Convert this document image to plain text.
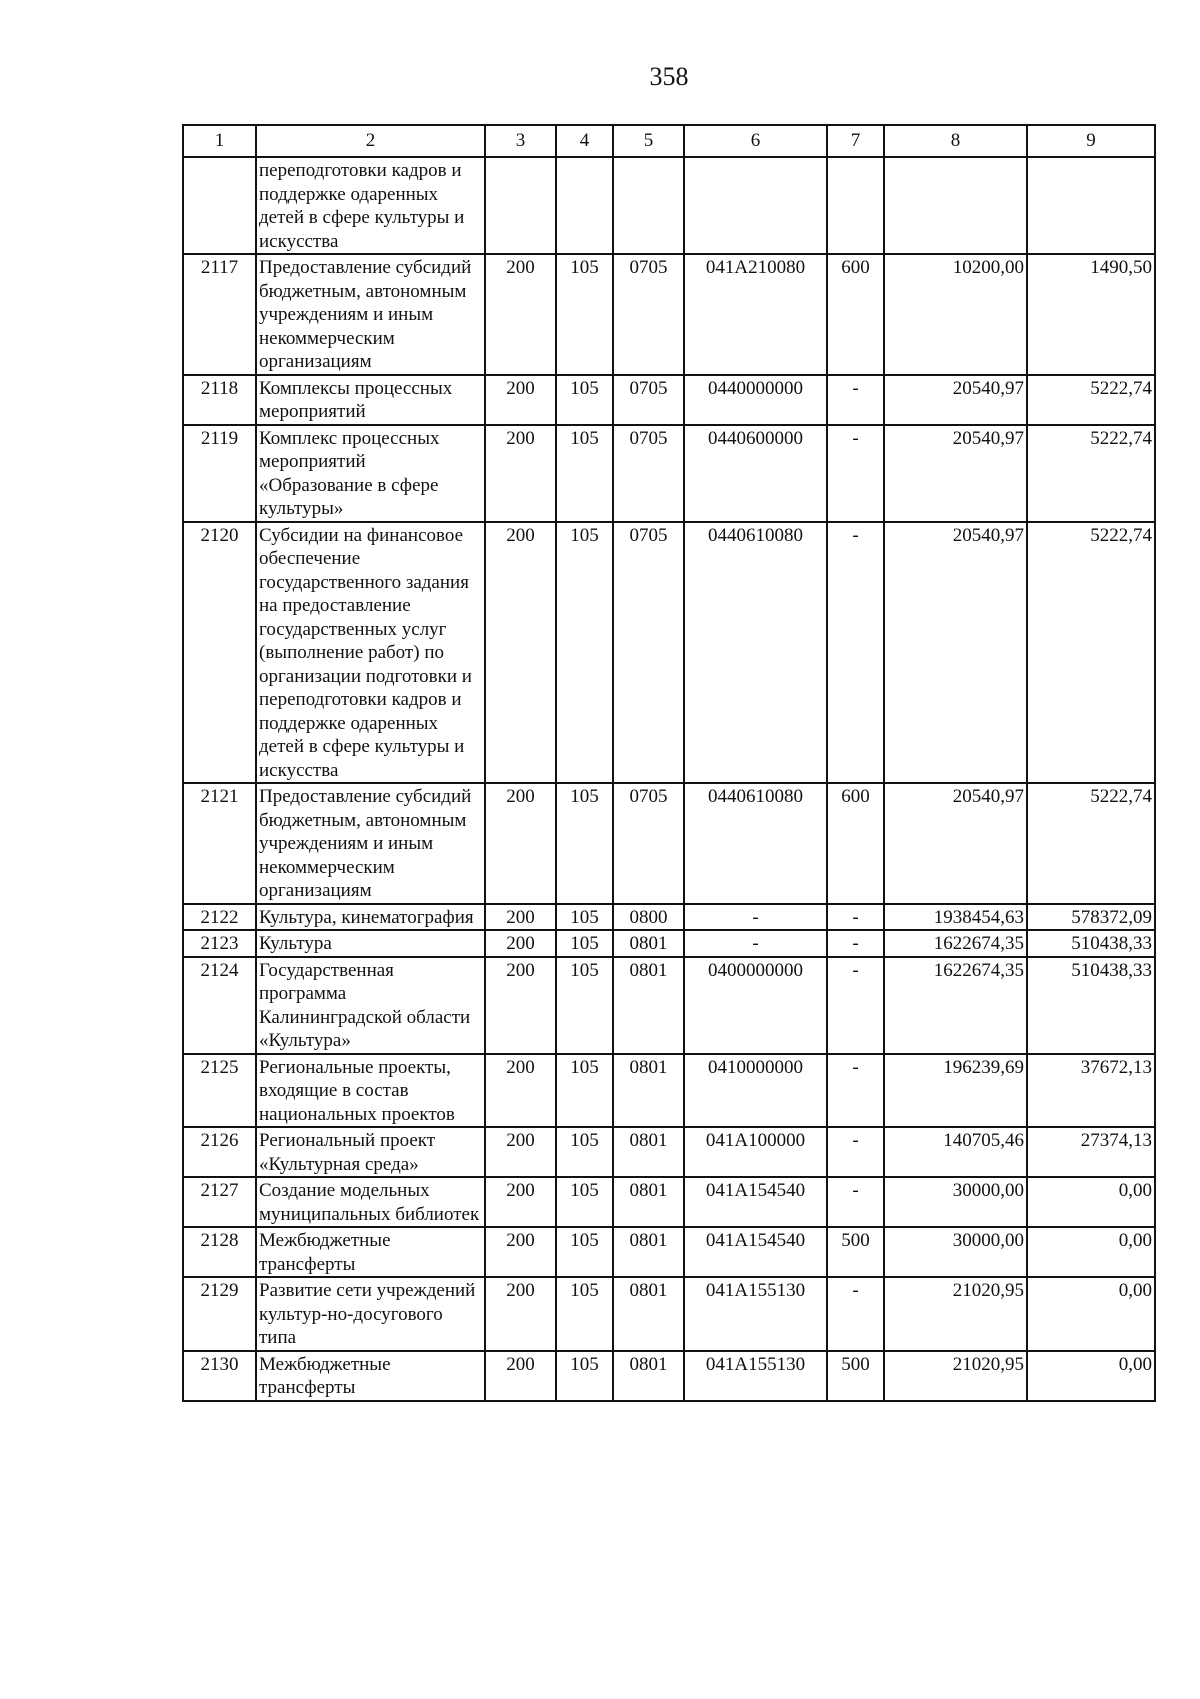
358
1	2	3	4	5	6	7	8	9
	переподготовки кадров и поддержке одаренных детей в сфере культуры и искусства							
2117	Предоставление субсидий бюджетным, автономным учреждениям и иным некоммерческим организациям	200	105	0705	041A210080	600	10200,00	1490,50
2118	Комплексы процессных мероприятий	200	105	0705	0440000000	-	20540,97	5222,74
2119	Комплекс процессных мероприятий «Образование в сфере культуры»	200	105	0705	0440600000	-	20540,97	5222,74
2120	Субсидии на финансовое обеспечение государственного задания на предоставление государственных услуг (выполнение работ) по организации подготовки и переподготовки кадров и поддержке одаренных детей в сфере культуры и искусства	200	105	0705	0440610080	-	20540,97	5222,74
2121	Предоставление субсидий бюджетным, автономным учреждениям и иным некоммерческим организациям	200	105	0705	0440610080	600	20540,97	5222,74
2122	Культура, кинематография	200	105	0800	-	-	1938454,63	578372,09
2123	Культура	200	105	0801	-	-	1622674,35	510438,33
2124	Государственная программа Калининградской области «Культура»	200	105	0801	0400000000	-	1622674,35	510438,33
2125	Региональные проекты, входящие в состав национальных проектов	200	105	0801	0410000000	-	196239,69	37672,13
2126	Региональный проект «Культурная среда»	200	105	0801	041A100000	-	140705,46	27374,13
2127	Создание модельных муниципальных библиотек	200	105	0801	041A154540	-	30000,00	0,00
2128	Межбюджетные трансферты	200	105	0801	041A154540	500	30000,00	0,00
2129	Развитие сети учреждений культур-но-досугового типа	200	105	0801	041A155130	-	21020,95	0,00
2130	Межбюджетные трансферты	200	105	0801	041A155130	500	21020,95	0,00
